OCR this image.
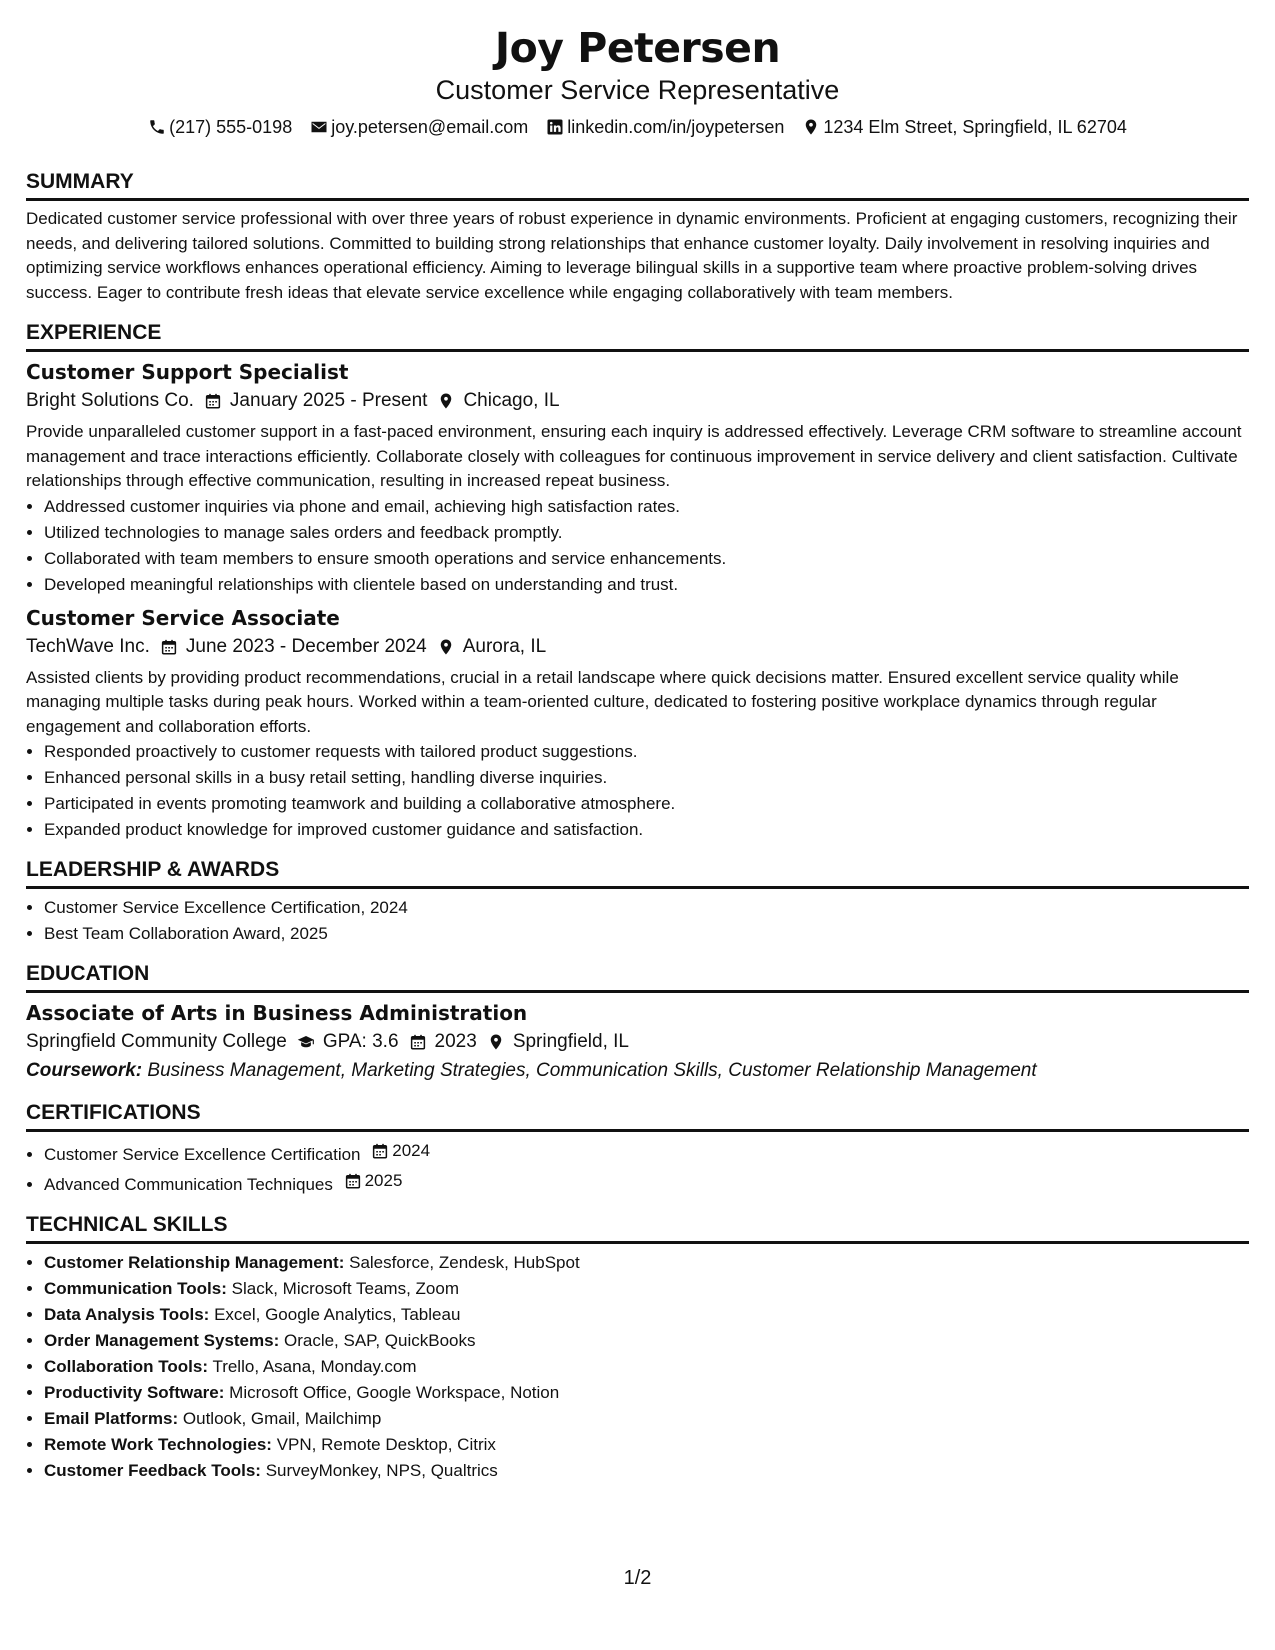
Joy Petersen
Customer Service Representative
(217) 555-0198 joy.petersen@email.com linkedin.com/in/joypetersen 1234 Elm Street, Springfield, IL 62704
SUMMARY

Dedicated customer service professional with over three years of robust experience in dynamic environments. Proficient at engaging customers, recognizing their needs, and delivering tailored solutions. Committed to building strong relationships that enhance customer loyalty. Daily involvement in resolving inquiries and optimizing service workflows enhances operational efficiency. Aiming to leverage bilingual skills in a supportive team where proactive problem-solving drives success. Eager to contribute fresh ideas that elevate service excellence while engaging collaboratively with team members.

EXPERIENCE
Customer Support Specialist
Bright Solutions Co. January 2025 - Present Chicago, IL

Provide unparalleled customer support in a fast-paced environment, ensuring each inquiry is addressed effectively. Leverage CRM software to streamline account management and trace interactions efficiently. Collaborate closely with colleagues for continuous improvement in service delivery and client satisfaction. Cultivate relationships through effective communication, resulting in increased repeat business.

• Addressed customer inquiries via phone and email, achieving high satisfaction rates.
• Utilized technologies to manage sales orders and feedback promptly.
• Collaborated with team members to ensure smooth operations and service enhancements.
• Developed meaningful relationships with clientele based on understanding and trust.
Customer Service Associate
TechWave Inc. June 2023 - December 2024 Aurora, IL

Assisted clients by providing product recommendations, crucial in a retail landscape where quick decisions matter. Ensured excellent service quality while managing multiple tasks during peak hours. Worked within a team-oriented culture, dedicated to fostering positive workplace dynamics through regular engagement and collaboration efforts.

• Responded proactively to customer requests with tailored product suggestions.
• Enhanced personal skills in a busy retail setting, handling diverse inquiries.
• Participated in events promoting teamwork and building a collaborative atmosphere.
• Expanded product knowledge for improved customer guidance and satisfaction.
LEADERSHIP & AWARDS
• Customer Service Excellence Certification, 2024
• Best Team Collaboration Award, 2025
EDUCATION
Associate of Arts in Business Administration
Springfield Community College GPA: 3.6 2023 Springfield, IL
Coursework: Business Management, Marketing Strategies, Communication Skills, Customer Relationship Management
CERTIFICATIONS
• Customer Service Excellence Certification 2024
• Advanced Communication Techniques 2025
TECHNICAL SKILLS
• Customer Relationship Management: Salesforce, Zendesk, HubSpot
• Communication Tools: Slack, Microsoft Teams, Zoom
• Data Analysis Tools: Excel, Google Analytics, Tableau
• Order Management Systems: Oracle, SAP, QuickBooks
• Collaboration Tools: Trello, Asana, Monday.com
• Productivity Software: Microsoft Office, Google Workspace, Notion
• Email Platforms: Outlook, Gmail, Mailchimp
• Remote Work Technologies: VPN, Remote Desktop, Citrix
• Customer Feedback Tools: SurveyMonkey, NPS, Qualtrics
1/2
